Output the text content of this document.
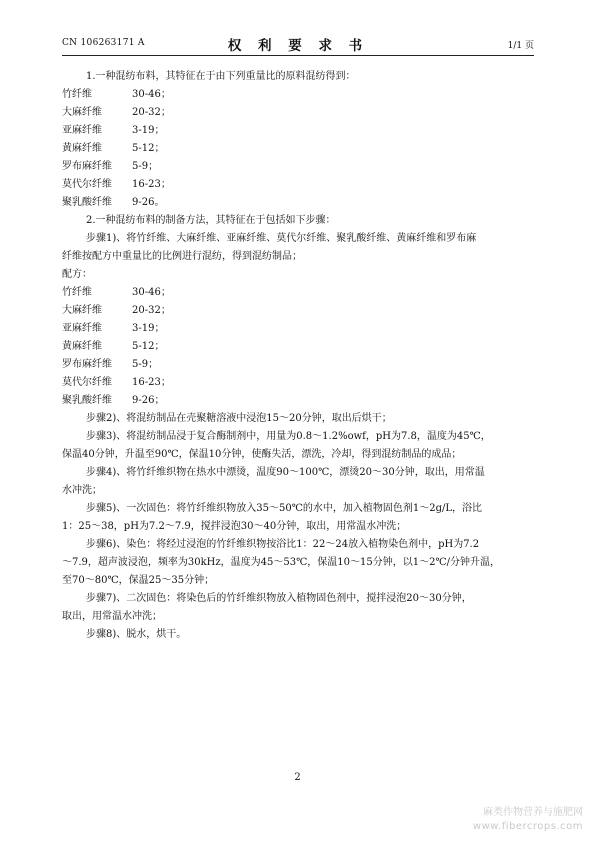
CN 106263171 A	权 利 要 求 书	1/1 页

1.一种混纺布料，其特征在于由下列重量比的原料混纺得到：

竹纤维	30-46；
大麻纤维	20-32；
亚麻纤维	3-19；
黄麻纤维	5-12；
罗布麻纤维	5-9；
莫代尔纤维	16-23；
聚乳酸纤维	9-26。

2.一种混纺布料的制备方法，其特征在于包括如下步骤：

步骤1)、将竹纤维、大麻纤维、亚麻纤维、莫代尔纤维、聚乳酸纤维、黄麻纤维和罗布麻

纤维按配方中重量比的比例进行混纺，得到混纺制品；

配方：

竹纤维	30-46；
大麻纤维	20-32；
亚麻纤维	3-19；
黄麻纤维	5-12；
罗布麻纤维	5-9；
莫代尔纤维	16-23；
聚乳酸纤维	9-26；

步骤2)、将混纺制品在壳聚糖溶液中浸泡15～20分钟，取出后烘干；

步骤3)、将混纺制品浸于复合酶制剂中，用量为0.8～1.2%owf，pH为7.8，温度为45℃，

保温40分钟，升温至90℃，保温10分钟，使酶失活，漂洗，冷却，得到混纺制品的成品；

步骤4)、将竹纤维织物在热水中漂烫，温度90～100℃，漂烫20～30分钟，取出，用常温

水冲洗；

步骤5)、一次固色：将竹纤维织物放入35～50℃的水中，加入植物固色剂1～2g/L，浴比

1：25～38，pH为7.2～7.9，搅拌浸泡30～40分钟，取出，用常温水冲洗；

步骤6)、染色：将经过浸泡的竹纤维织物按浴比1：22～24放入植物染色剂中，pH为7.2

～7.9，超声波浸泡，频率为30kHz，温度为45～53℃，保温10～15分钟，以1～2℃/分钟升温，

至70～80℃，保温25～35分钟；

步骤7)、二次固色：将染色后的竹纤维织物放入植物固色剂中，搅拌浸泡20～30分钟，

取出，用常温水冲洗；

步骤8)、脱水，烘干。

2
麻类作物营养与施肥网
www.fibercrops.com
